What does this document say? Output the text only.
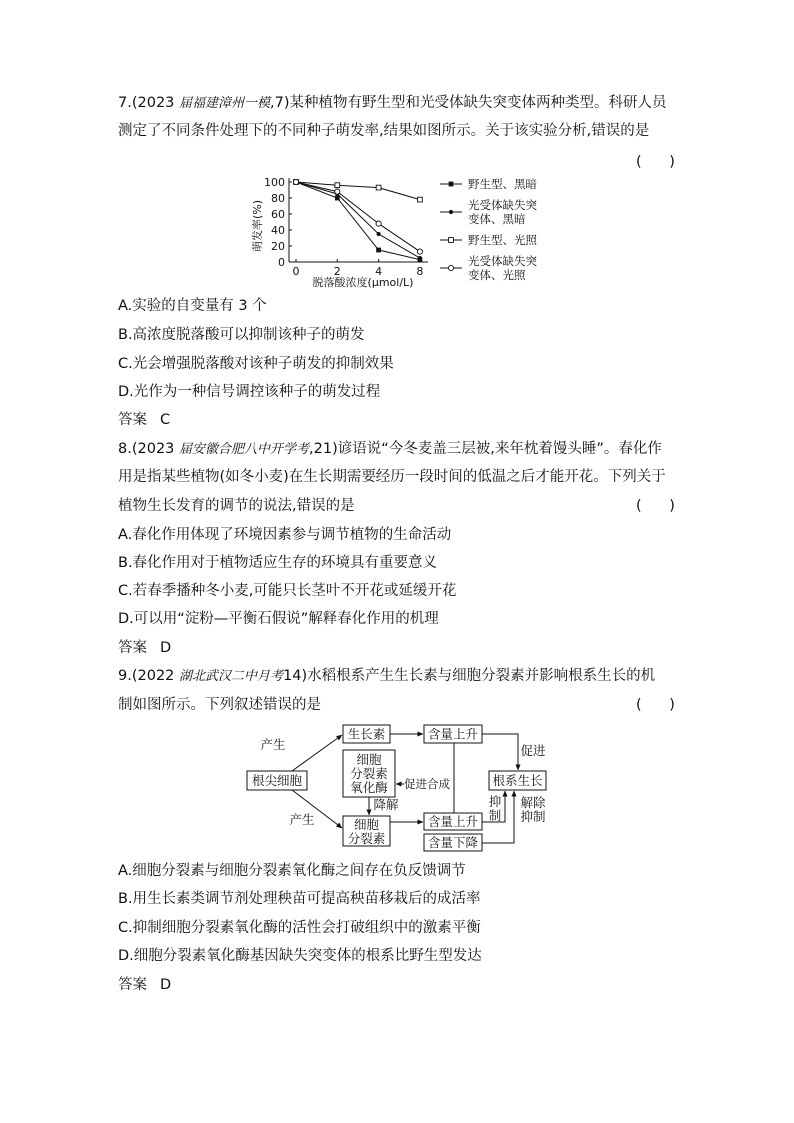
7.(2023 届福建漳州一模,7)某种植物有野生型和光受体缺失突变体两种类型。科研人员
测定了不同条件处理下的不同种子萌发率,结果如图所示。关于该实验分析,错误的是
(      )
萌发率(%)
脱落酸浓度(μmol/L)
100
80
60
40
20
0
0	2	4	8
野生型、黑暗
光受体缺失突
变体、黑暗
野生型、光照
光受体缺失突
变体、光照
A.实验的自变量有 3 个
B.高浓度脱落酸可以抑制该种子的萌发
C.光会增强脱落酸对该种子萌发的抑制效果
D.光作为一种信号调控该种子的萌发过程
答案 C
8.(2023 届安徽合肥八中开学考,21)谚语说“今冬麦盖三层被,来年枕着馒头睡”。春化作
用是指某些植物(如冬小麦)在生长期需要经历一段时间的低温之后才能开花。下列关于
植物生长发育的调节的说法,错误的是	(      )
A.春化作用体现了环境因素参与调节植物的生命活动
B.春化作用对于植物适应生存的环境具有重要意义
C.若春季播种冬小麦,可能只长茎叶不开花或延缓开花
D.可以用“淀粉—平衡石假说”解释春化作用的机理
答案 D
9.(2022 湖北武汉二中月考14)水稻根系产生生长素与细胞分裂素并影响根系生长的机
制如图所示。下列叙述错误的是	(      )
根尖细胞
产生
产生
生长素	含量上升
促进
细胞
分裂素
氧化酶 促进合成
降解
细胞
分裂素
含量上升
含量下降
抑
制
解除
抑制
根系生长
A.细胞分裂素与细胞分裂素氧化酶之间存在负反馈调节
B.用生长素类调节剂处理秧苗可提高秧苗移栽后的成活率
C.抑制细胞分裂素氧化酶的活性会打破组织中的激素平衡
D.细胞分裂素氧化酶基因缺失突变体的根系比野生型发达
答案 D
